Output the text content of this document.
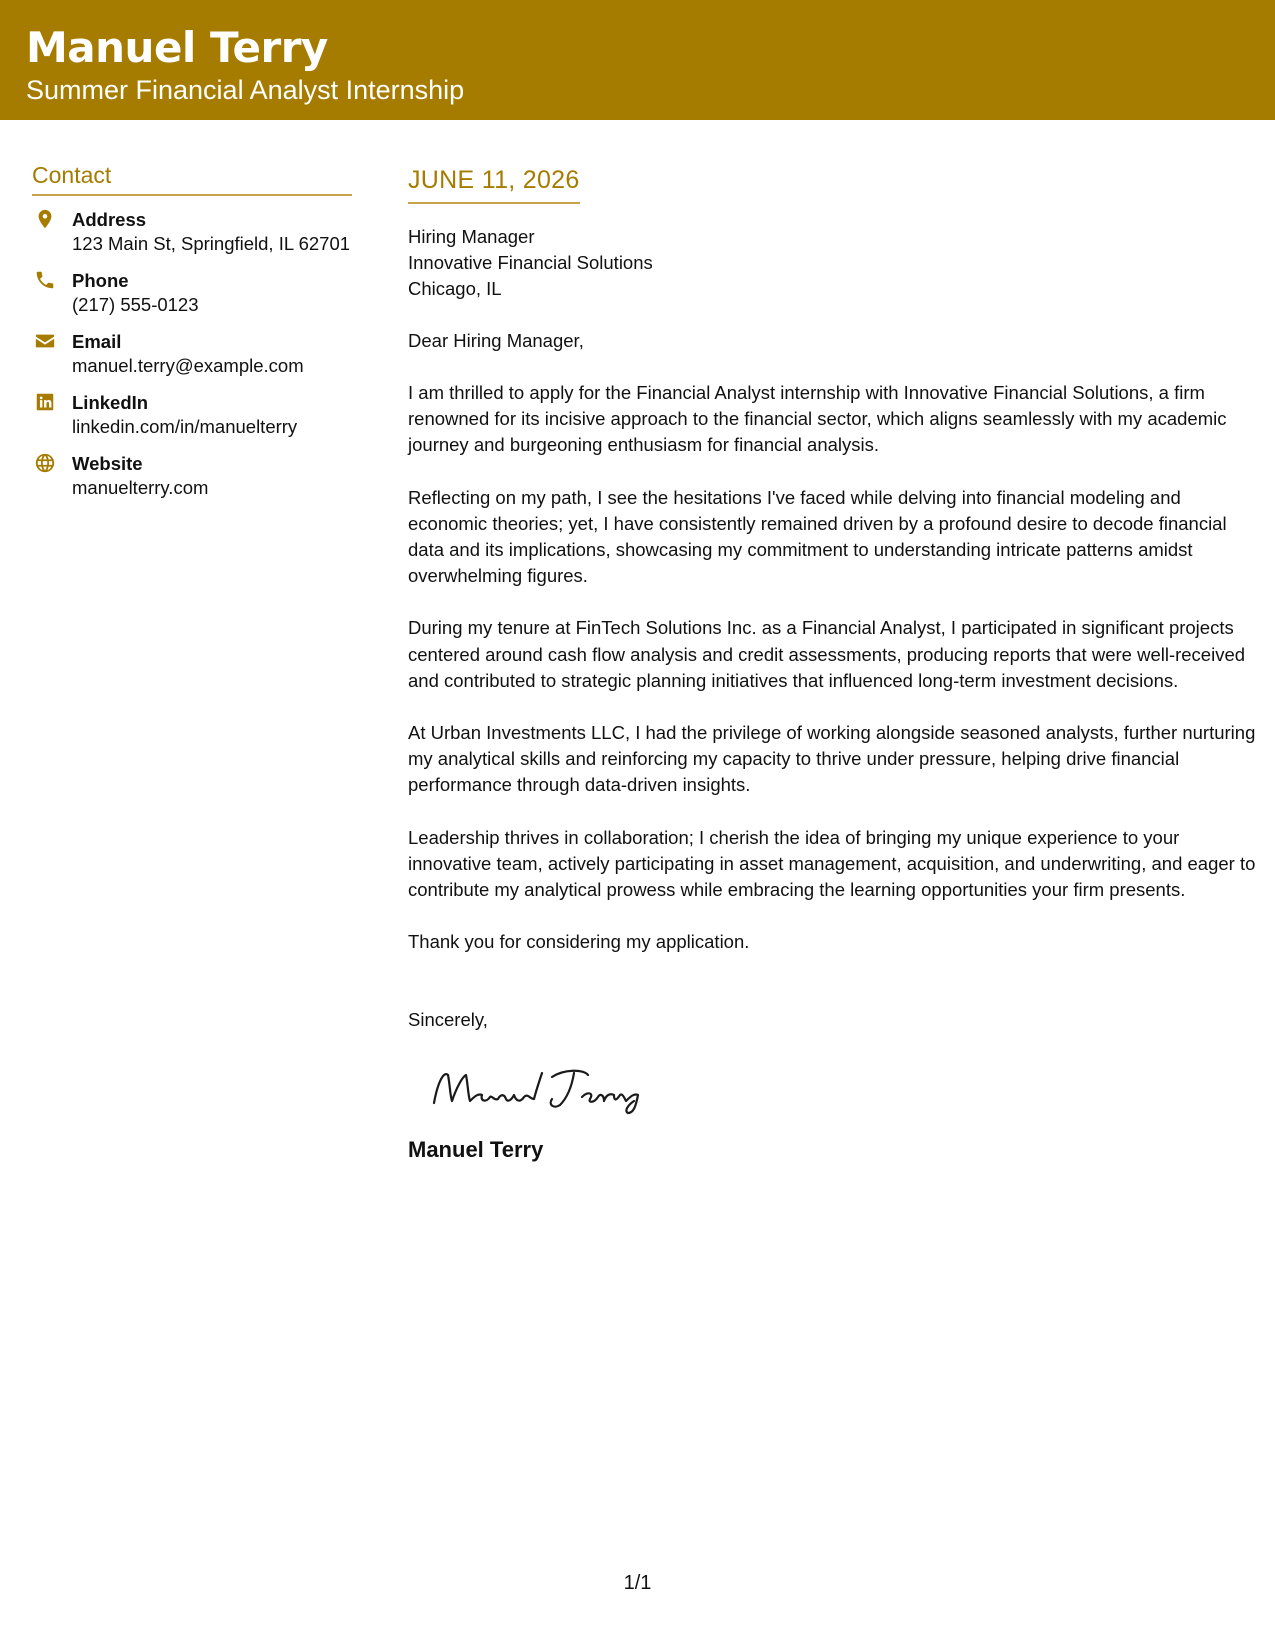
Manuel Terry
Summer Financial Analyst Internship
Contact
Address
123 Main St, Springfield, IL 62701
Phone
(217) 555-0123
Email
manuel.terry@example.com
LinkedIn
linkedin.com/in/manuelterry
Website
manuelterry.com
JUNE 11, 2026
Hiring Manager
Innovative Financial Solutions
Chicago, IL
Dear Hiring Manager,
I am thrilled to apply for the Financial Analyst internship with Innovative Financial Solutions, a firm renowned for its incisive approach to the financial sector, which aligns seamlessly with my academic journey and burgeoning enthusiasm for financial analysis.
Reflecting on my path, I see the hesitations I've faced while delving into financial modeling and economic theories; yet, I have consistently remained driven by a profound desire to decode financial data and its implications, showcasing my commitment to understanding intricate patterns amidst overwhelming figures.
During my tenure at FinTech Solutions Inc. as a Financial Analyst, I participated in significant projects centered around cash flow analysis and credit assessments, producing reports that were well-received and contributed to strategic planning initiatives that influenced long-term investment decisions.
At Urban Investments LLC, I had the privilege of working alongside seasoned analysts, further nurturing my analytical skills and reinforcing my capacity to thrive under pressure, helping drive financial performance through data-driven insights.
Leadership thrives in collaboration; I cherish the idea of bringing my unique experience to your innovative team, actively participating in asset management, acquisition, and underwriting, and eager to contribute my analytical prowess while embracing the learning opportunities your firm presents.
Thank you for considering my application.
Sincerely,
Manuel Terry
1/1
